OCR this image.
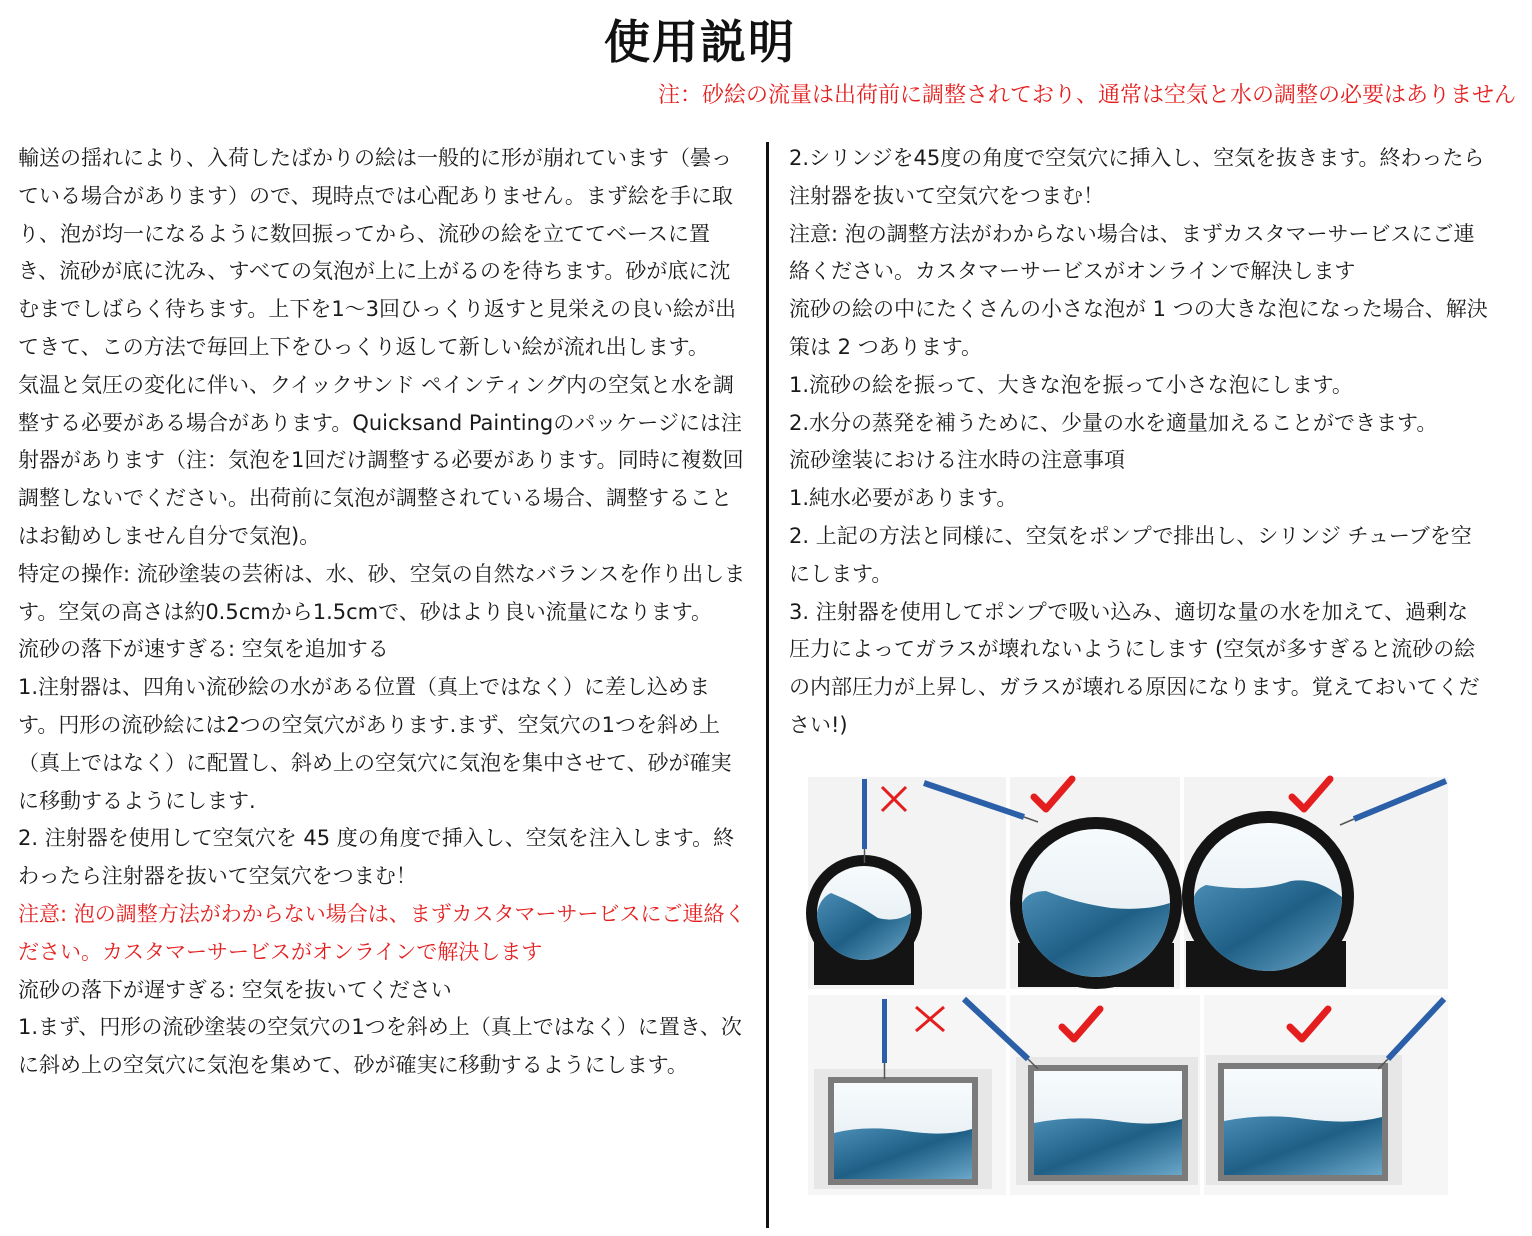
使用説明
注：砂絵の流量は出荷前に調整されており、通常は空気と水の調整の必要はありません

輸送の揺れにより、入荷したばかりの絵は一般的に形が崩れています（曇っている場合があります）ので、現時点では心配ありません。まず絵を手に取り、泡が均一になるように数回振ってから、流砂の絵を立ててベースに置き、流砂が底に沈み、すべての気泡が上に上がるのを待ちます。砂が底に沈むまでしばらく待ちます。上下を1～3回ひっくり返すと見栄えの良い絵が出てきて、この方法で毎回上下をひっくり返して新しい絵が流れ出します。

気温と気圧の変化に伴い、クイックサンド ペインティング内の空気と水を調整する必要がある場合があります。Quicksand Paintingのパッケージには注射器があります（注：気泡を1回だけ調整する必要があります。同時に複数回調整しないでください。出荷前に気泡が調整されている場合、調整することはお勧めしません自分で気泡)。

特定の操作: 流砂塗装の芸術は、水、砂、空気の自然なバランスを作り出します。空気の高さは約0.5cmから1.5cmで、砂はより良い流量になります。

流砂の落下が速すぎる: 空気を追加する

1.注射器は、四角い流砂絵の水がある位置（真上ではなく）に差し込めます。円形の流砂絵には2つの空気穴があります.まず、空気穴の1つを斜め上（真上ではなく）に配置し、斜め上の空気穴に気泡を集中させて、砂が確実に移動するようにします.

2. 注射器を使用して空気穴を 45 度の角度で挿入し、空気を注入します。終わったら注射器を抜いて空気穴をつまむ！

注意: 泡の調整方法がわからない場合は、まずカスタマーサービスにご連絡ください。カスタマーサービスがオンラインで解決します

流砂の落下が遅すぎる: 空気を抜いてください

1.まず、円形の流砂塗装の空気穴の1つを斜め上（真上ではなく）に置き、次に斜め上の空気穴に気泡を集めて、砂が確実に移動するようにします。

2.シリンジを45度の角度で空気穴に挿入し、空気を抜きます。終わったら注射器を抜いて空気穴をつまむ！

注意: 泡の調整方法がわからない場合は、まずカスタマーサービスにご連絡ください。カスタマーサービスがオンラインで解決します

流砂の絵の中にたくさんの小さな泡が 1 つの大きな泡になった場合、解決策は 2 つあります。

1.流砂の絵を振って、大きな泡を振って小さな泡にします。

2.水分の蒸発を補うために、少量の水を適量加えることができます。

流砂塗装における注水時の注意事項

1.純水必要があります。

2. 上記の方法と同様に、空気をポンプで排出し、シリンジ チューブを空にします。

3. 注射器を使用してポンプで吸い込み、適切な量の水を加えて、過剰な圧力によってガラスが壊れないようにします (空気が多すぎると流砂の絵の内部圧力が上昇し、ガラスが壊れる原因になります。覚えておいてください!)
